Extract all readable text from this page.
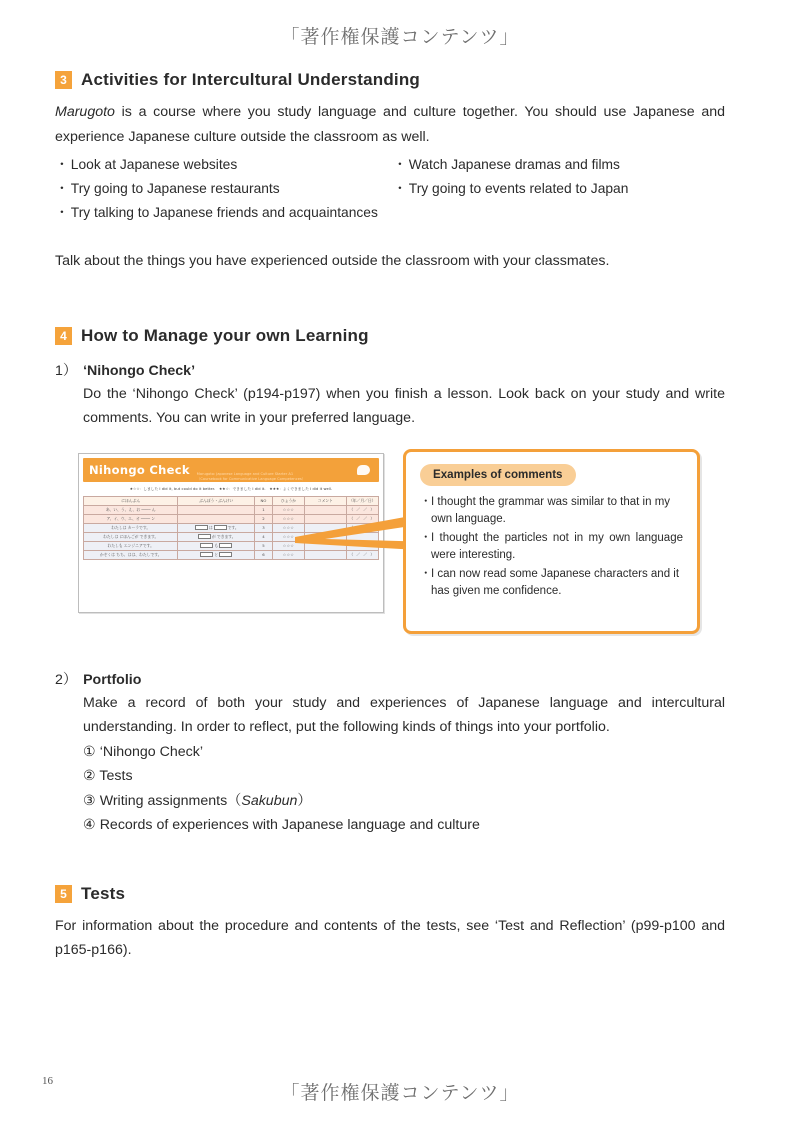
「著作権保護コンテンツ」
3 Activities for Intercultural Understanding

Marugoto is a course where you study language and culture together. You should use Japanese and experience Japanese culture outside the classroom as well.

・ Look at Japanese websites
・ Try going to Japanese restaurants
・ Try talking to Japanese friends and acquaintances
・ Watch Japanese dramas and films
・ Try going to events related to Japan

Talk about the things you have experienced outside the classroom with your classmates.

4 How to Manage your own Learning
1） ‘Nihongo Check’

Do the ‘Nihongo Check’ (p194-p197) when you finish a lesson. Look back on your study and write comments. You can write in your preferred language.

Nihongo Check Marugoto: Japanese Language and Culture Starter A1
（Coursebook for Communicative Language Competences）
★☆☆：しました I did it, but could do it better.　★★☆：できました I did it.　★★★：よくできました I did it well.
にほんぶん	ぶんぽう・ぶんけい	NO	ひょうか	コメント	（年／月／日）
あ、い、う、え、お ──── ん		1	☆☆☆		（ ／ ／ ）
ア、イ、ウ、エ、オ ──── ン		2	☆☆☆		（ ／ ／ ）
わたしは カーラです。	は です。	3	☆☆☆		
わたしは にほんごが できます。	が できます。	4	☆☆☆		
わたしも エンジニアです。	も	5	☆☆☆		
かぞくは ちち、はは、わたしです。	と	6	☆☆☆		（ ／ ／ ）
Examples of comments
・ I thought the grammar was similar to that in my own language.
・ I thought the particles not in my own language were interesting.
・ I can now read some Japanese characters and it has given me confidence.
2） Portfolio

Make a record of both your study and experiences of Japanese language and intercultural understanding. In order to reflect, put the following kinds of things into your portfolio.

① ‘Nihongo Check’
② Tests
③ Writing assignments（Sakubun）
④ Records of experiences with Japanese language and culture
5 Tests

For information about the procedure and contents of the tests, see ‘Test and Reflection’ (p99-p100 and p165-p166).

16
「著作権保護コンテンツ」
